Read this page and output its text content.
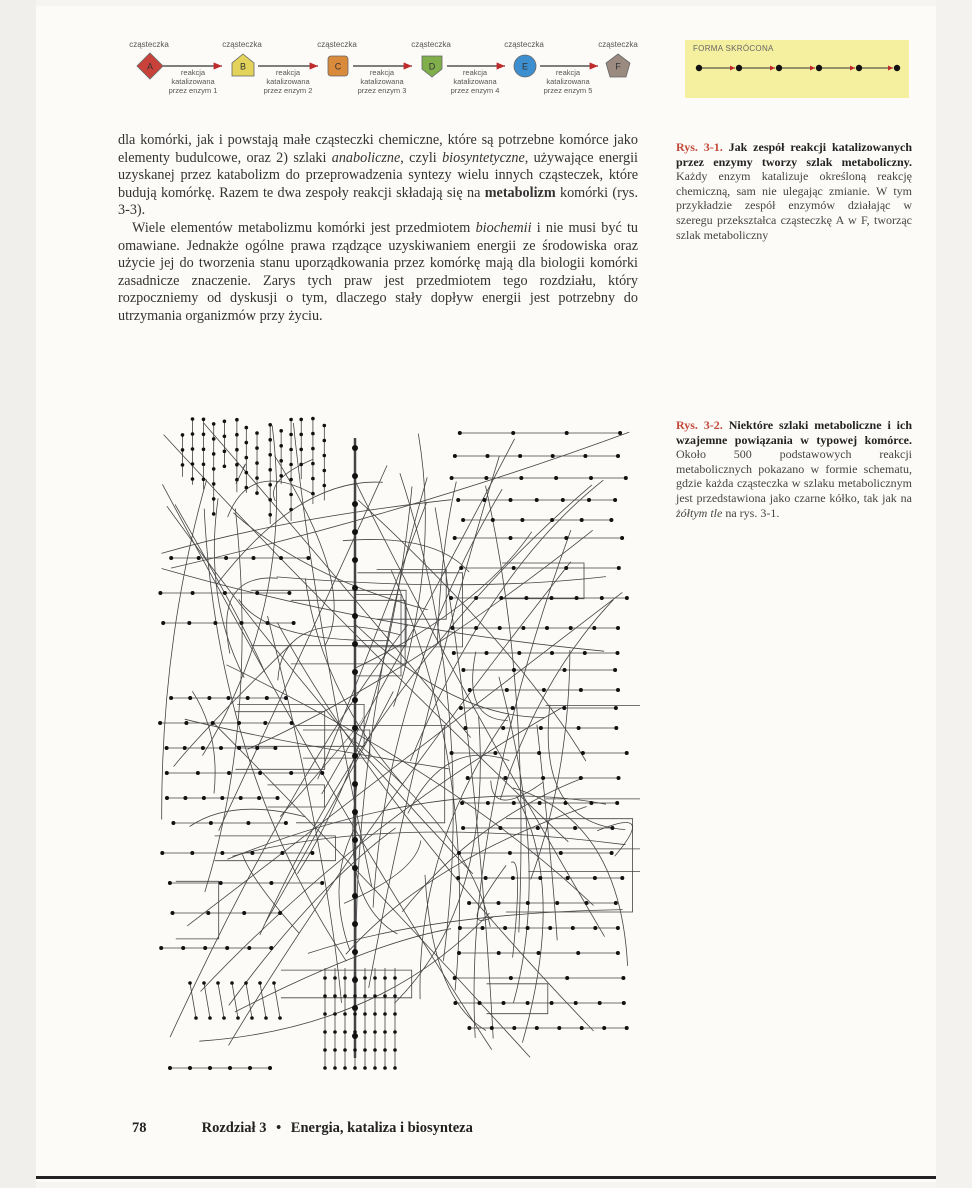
A	B	C	D	E	F
cząsteczka	cząsteczka	cząsteczka	cząsteczka	cząsteczka	cząsteczka
reakcja
katalizowana
przez enzym 1
reakcja
katalizowana
przez enzym 2
reakcja
katalizowana
przez enzym 3
reakcja
katalizowana
przez enzym 4
reakcja
katalizowana
przez enzym 5
FORMA SKRÓCONA

dla komórki, jak i powstają małe cząsteczki chemiczne, które są potrzebne komórce jako elementy budulcowe, oraz 2) szlaki anaboliczne, czyli biosyntetyczne, używające energii uzyskanej przez katabolizm do przeprowadzenia syntezy wielu innych cząsteczek, które budują komórkę. Razem te dwa zespoły reakcji składają się na metabolizm komórki (rys. 3-3).

Wiele elementów metabolizmu komórki jest przedmiotem biochemii i nie musi być tu omawiane. Jednakże ogólne prawa rządzące uzyskiwaniem energii ze środowiska oraz użycie jej do tworzenia stanu uporządkowania przez komórkę mają dla biologii komórki zasadnicze znaczenie. Zarys tych praw jest przedmiotem tego rozdziału, który rozpoczniemy od dyskusji o tym, dlaczego stały dopływ energii jest potrzebny do utrzymania organizmów przy życiu.

Rys. 3-1. Jak zespół reakcji katalizowanych przez enzymy tworzy szlak metaboliczny. Każdy enzym katalizuje określoną reakcję chemiczną, sam nie ulegając zmianie. W tym przykładzie zespół enzymów działając w szeregu przekształca cząsteczkę A w F, tworząc szlak metaboliczny
Rys. 3-2. Niektóre szlaki metaboliczne i ich wzajemne powiązania w typowej komórce. Około 500 podstawowych reakcji metabolicznych pokazano w formie schematu, gdzie każda cząsteczka w szlaku metabolicznym jest przedstawiona jako czarne kółko, tak jak na żółtym tle na rys. 3-1.
78	Rozdział 3 • Energia, kataliza i biosynteza
